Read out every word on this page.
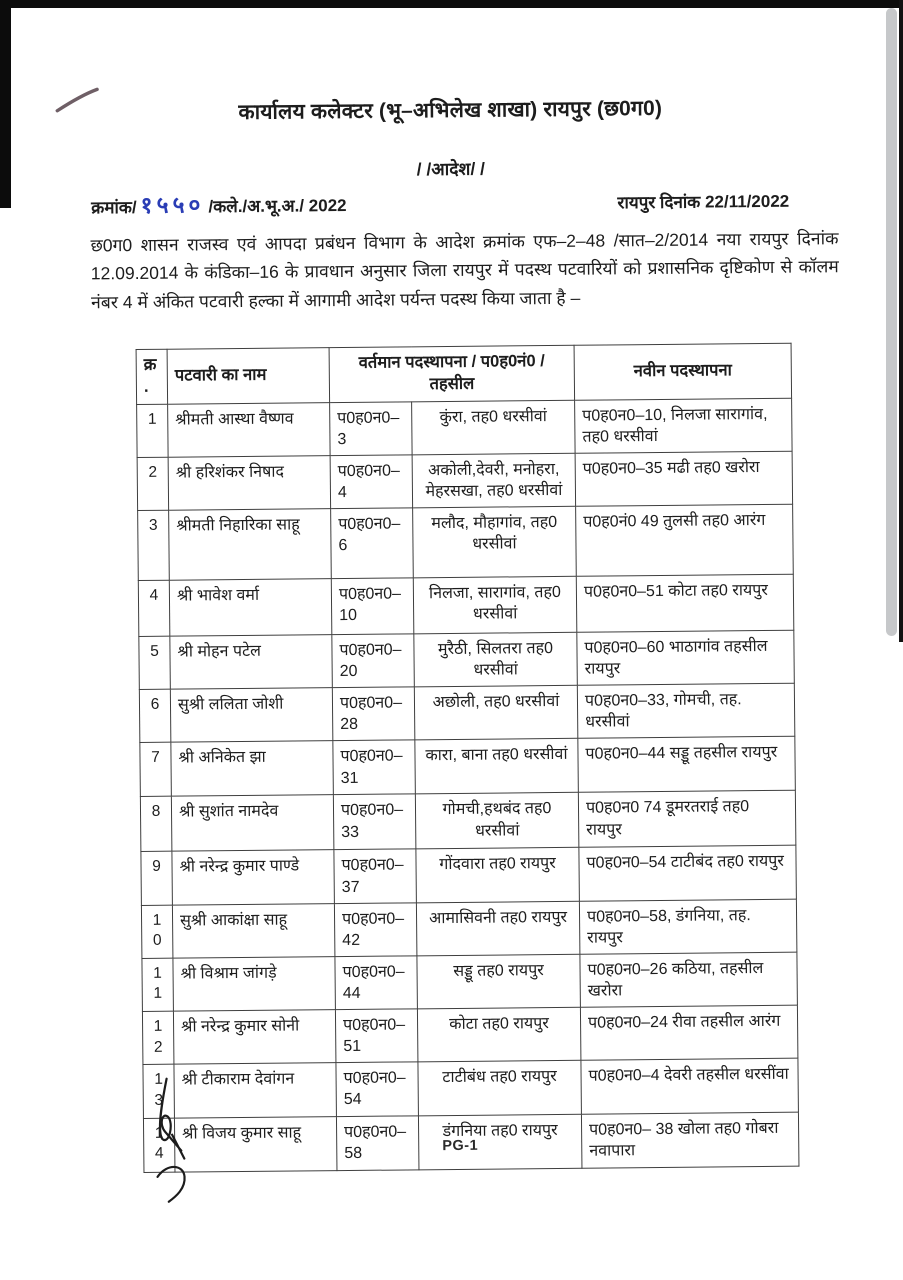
कार्यालय कलेक्टर (भू–अभिलेख शाखा) रायपुर (छ0ग0)
/ /आदेश/ /
क्रमांक/ १५५० /कले./अ.भू.अ./ 2022	रायपुर दिनांक 22/11/2022
छ0ग0 शासन राजस्व एवं आपदा प्रबंधन विभाग के आदेश क्रमांक एफ–2–48 /सात–2/2014 नया रायपुर दिनांक 12.09.2014 के कंडिका–16 के प्रावधान अनुसार जिला रायपुर में पदस्थ पटवारियों को प्रशासनिक दृष्टिकोण से कॉलम नंबर 4 में अंकित पटवारी हल्का में आगामी आदेश पर्यन्त पदस्थ किया जाता है –
क्र.	पटवारी का नाम	वर्तमान पदस्थापना / प0ह0नं0 / तहसील		नवीन पदस्थापना
1	श्रीमती आस्था वैष्णव	प0ह0न0–3	कुंरा, तह0 धरसीवां	प0ह0न0–10, निलजा सारागांव, तह0 धरसीवां
2	श्री हरिशंकर निषाद	प0ह0न0–4	अकोली,देवरी, मनोहरा, मेहरसखा, तह0 धरसीवां	प0ह0न0–35 मढी तह0 खरोरा
3	श्रीमती निहारिका साहू	प0ह0न0–6	मलौद, मौहागांव, तह0 धरसीवां	प0ह0नं0 49 तुलसी तह0 आरंग
4	श्री भावेश वर्मा	प0ह0न0–10	निलजा, सारागांव, तह0 धरसीवां	प0ह0न0–51 कोटा तह0 रायपुर
5	श्री मोहन पटेल	प0ह0न0–20	मुरैठी, सिलतरा तह0 धरसीवां	प0ह0न0–60 भाठागांव तहसील रायपुर
6	सुश्री ललिता जोशी	प0ह0न0–28	अछोली, तह0 धरसीवां	प0ह0न0–33, गोमची, तह. धरसीवां
7	श्री अनिकेत झा	प0ह0न0–31	कारा, बाना तह0 धरसीवां	प0ह0न0–44 सड्डू तहसील रायपुर
8	श्री सुशांत नामदेव	प0ह0न0–33	गोमची,हथबंद तह0 धरसीवां	प0ह0न0 74 डूमरतराई तह0 रायपुर
9	श्री नरेन्द्र कुमार पाण्डे	प0ह0न0–37	गोंदवारा तह0 रायपुर	प0ह0न0–54 टाटीबंद तह0 रायपुर
10	सुश्री आकांक्षा साहू	प0ह0न0–42	आमासिवनी तह0 रायपुर	प0ह0न0–58, डंगनिया, तह. रायपुर
11	श्री विश्राम जांगड़े	प0ह0न0–44	सड्डू तह0 रायपुर	प0ह0न0–26 कठिया, तहसील खरोरा
12	श्री नरेन्द्र कुमार सोनी	प0ह0न0–51	कोटा तह0 रायपुर	प0ह0न0–24 रीवा तहसील आरंग
13	श्री टीकाराम देवांगन	प0ह0न0–54	टाटीबंध तह0 रायपुर	प0ह0न0–4 देवरी तहसील धरसींवा
14	श्री विजय कुमार साहू	प0ह0न0–58	डंगनिया तह0 रायपुर	प0ह0न0– 38 खोला तह0 गोबरा नवापारा
PG-1
